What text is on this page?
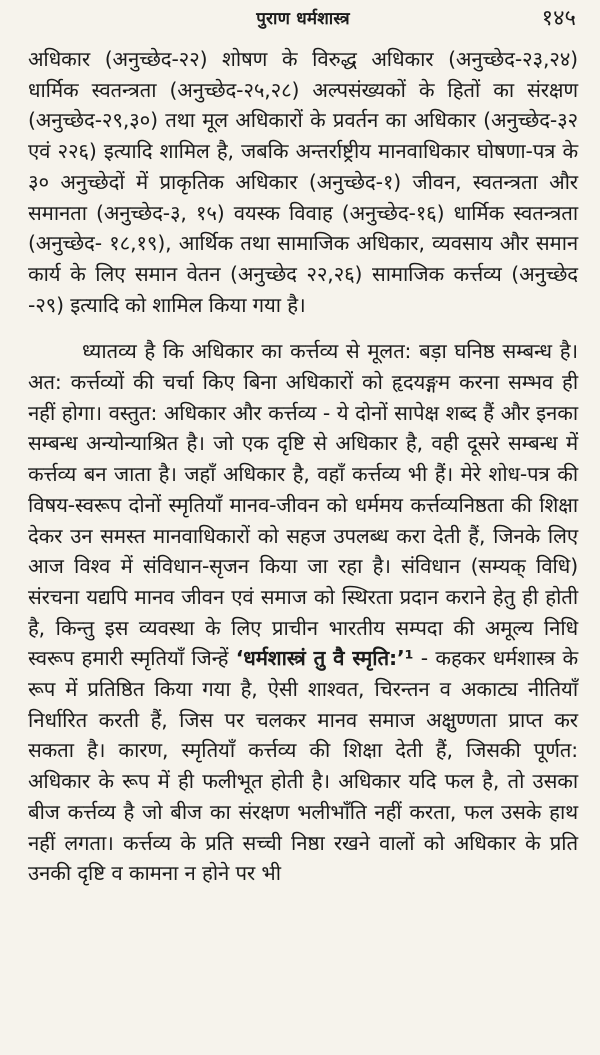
पुराण धर्मशास्त्र	१४५

अधिकार (अनुच्छेद-२२) शोषण के विरुद्ध अधिकार (अनुच्छेद-२३,२४) धार्मिक स्वतन्त्रता (अनुच्छेद-२५,२८) अल्पसंख्यकों के हितों का संरक्षण (अनुच्छेद-२९,३०) तथा मूल अधिकारों के प्रवर्तन का अधिकार (अनुच्छेद-३२ एवं २२६) इत्यादि शामिल है, जबकि अन्तर्राष्ट्रीय मानवाधिकार घोषणा-पत्र के ३० अनुच्छेदों में प्राकृतिक अधिकार (अनुच्छेद-१) जीवन, स्वतन्त्रता और समानता (अनुच्छेद-३, १५) वयस्क विवाह (अनुच्छेद-१६) धार्मिक स्वतन्त्रता (अनुच्छेद- १८,१९), आर्थिक तथा सामाजिक अधिकार, व्यवसाय और समान कार्य के लिए समान वेतन (अनुच्छेद २२,२६) सामाजिक कर्त्तव्य (अनुच्छेद -२९) इत्यादि को शामिल किया गया है।

ध्यातव्य है कि अधिकार का कर्त्तव्य से मूलत: बड़ा घनिष्ठ सम्बन्ध है। अत: कर्त्तव्यों की चर्चा किए बिना अधिकारों को हृदयङ्गम करना सम्भव ही नहीं होगा। वस्तुत: अधिकार और कर्त्तव्य - ये दोनों सापेक्ष शब्द हैं और इनका सम्बन्ध अन्योन्याश्रित है। जो एक दृष्टि से अधिकार है, वही दूसरे सम्बन्ध में कर्त्तव्य बन जाता है। जहाँ अधिकार है, वहाँ कर्त्तव्य भी हैं। मेरे शोध-पत्र की विषय-स्वरूप दोनों स्मृतियाँ मानव-जीवन को धर्ममय कर्त्तव्यनिष्ठता की शिक्षा देकर उन समस्त मानवाधिकारों को सहज उपलब्ध करा देती हैं, जिनके लिए आज विश्व में संविधान-सृजन किया जा रहा है। संविधान (सम्यक् विधि) संरचना यद्यपि मानव जीवन एवं समाज को स्थिरता प्रदान कराने हेतु ही होती है, किन्तु इस व्यवस्था के लिए प्राचीन भारतीय सम्पदा की अमूल्य निधि स्वरूप हमारी स्मृतियाँ जिन्हें ‘धर्मशास्त्रं तु वै स्मृति:’¹ - कहकर धर्मशास्त्र के रूप में प्रतिष्ठित किया गया है, ऐसी शाश्वत, चिरन्तन व अकाट्य नीतियाँ निर्धारित करती हैं, जिस पर चलकर मानव समाज अक्षुण्णता प्राप्त कर सकता है। कारण, स्मृतियाँ कर्त्तव्य की शिक्षा देती हैं, जिसकी पूर्णत: अधिकार के रूप में ही फलीभूत होती है। अधिकार यदि फल है, तो उसका बीज कर्त्तव्य है जो बीज का संरक्षण भलीभाँति नहीं करता, फल उसके हाथ नहीं लगता। कर्त्तव्य के प्रति सच्ची निष्ठा रखने वालों को अधिकार के प्रति उनकी दृष्टि व कामना न होने पर भी
